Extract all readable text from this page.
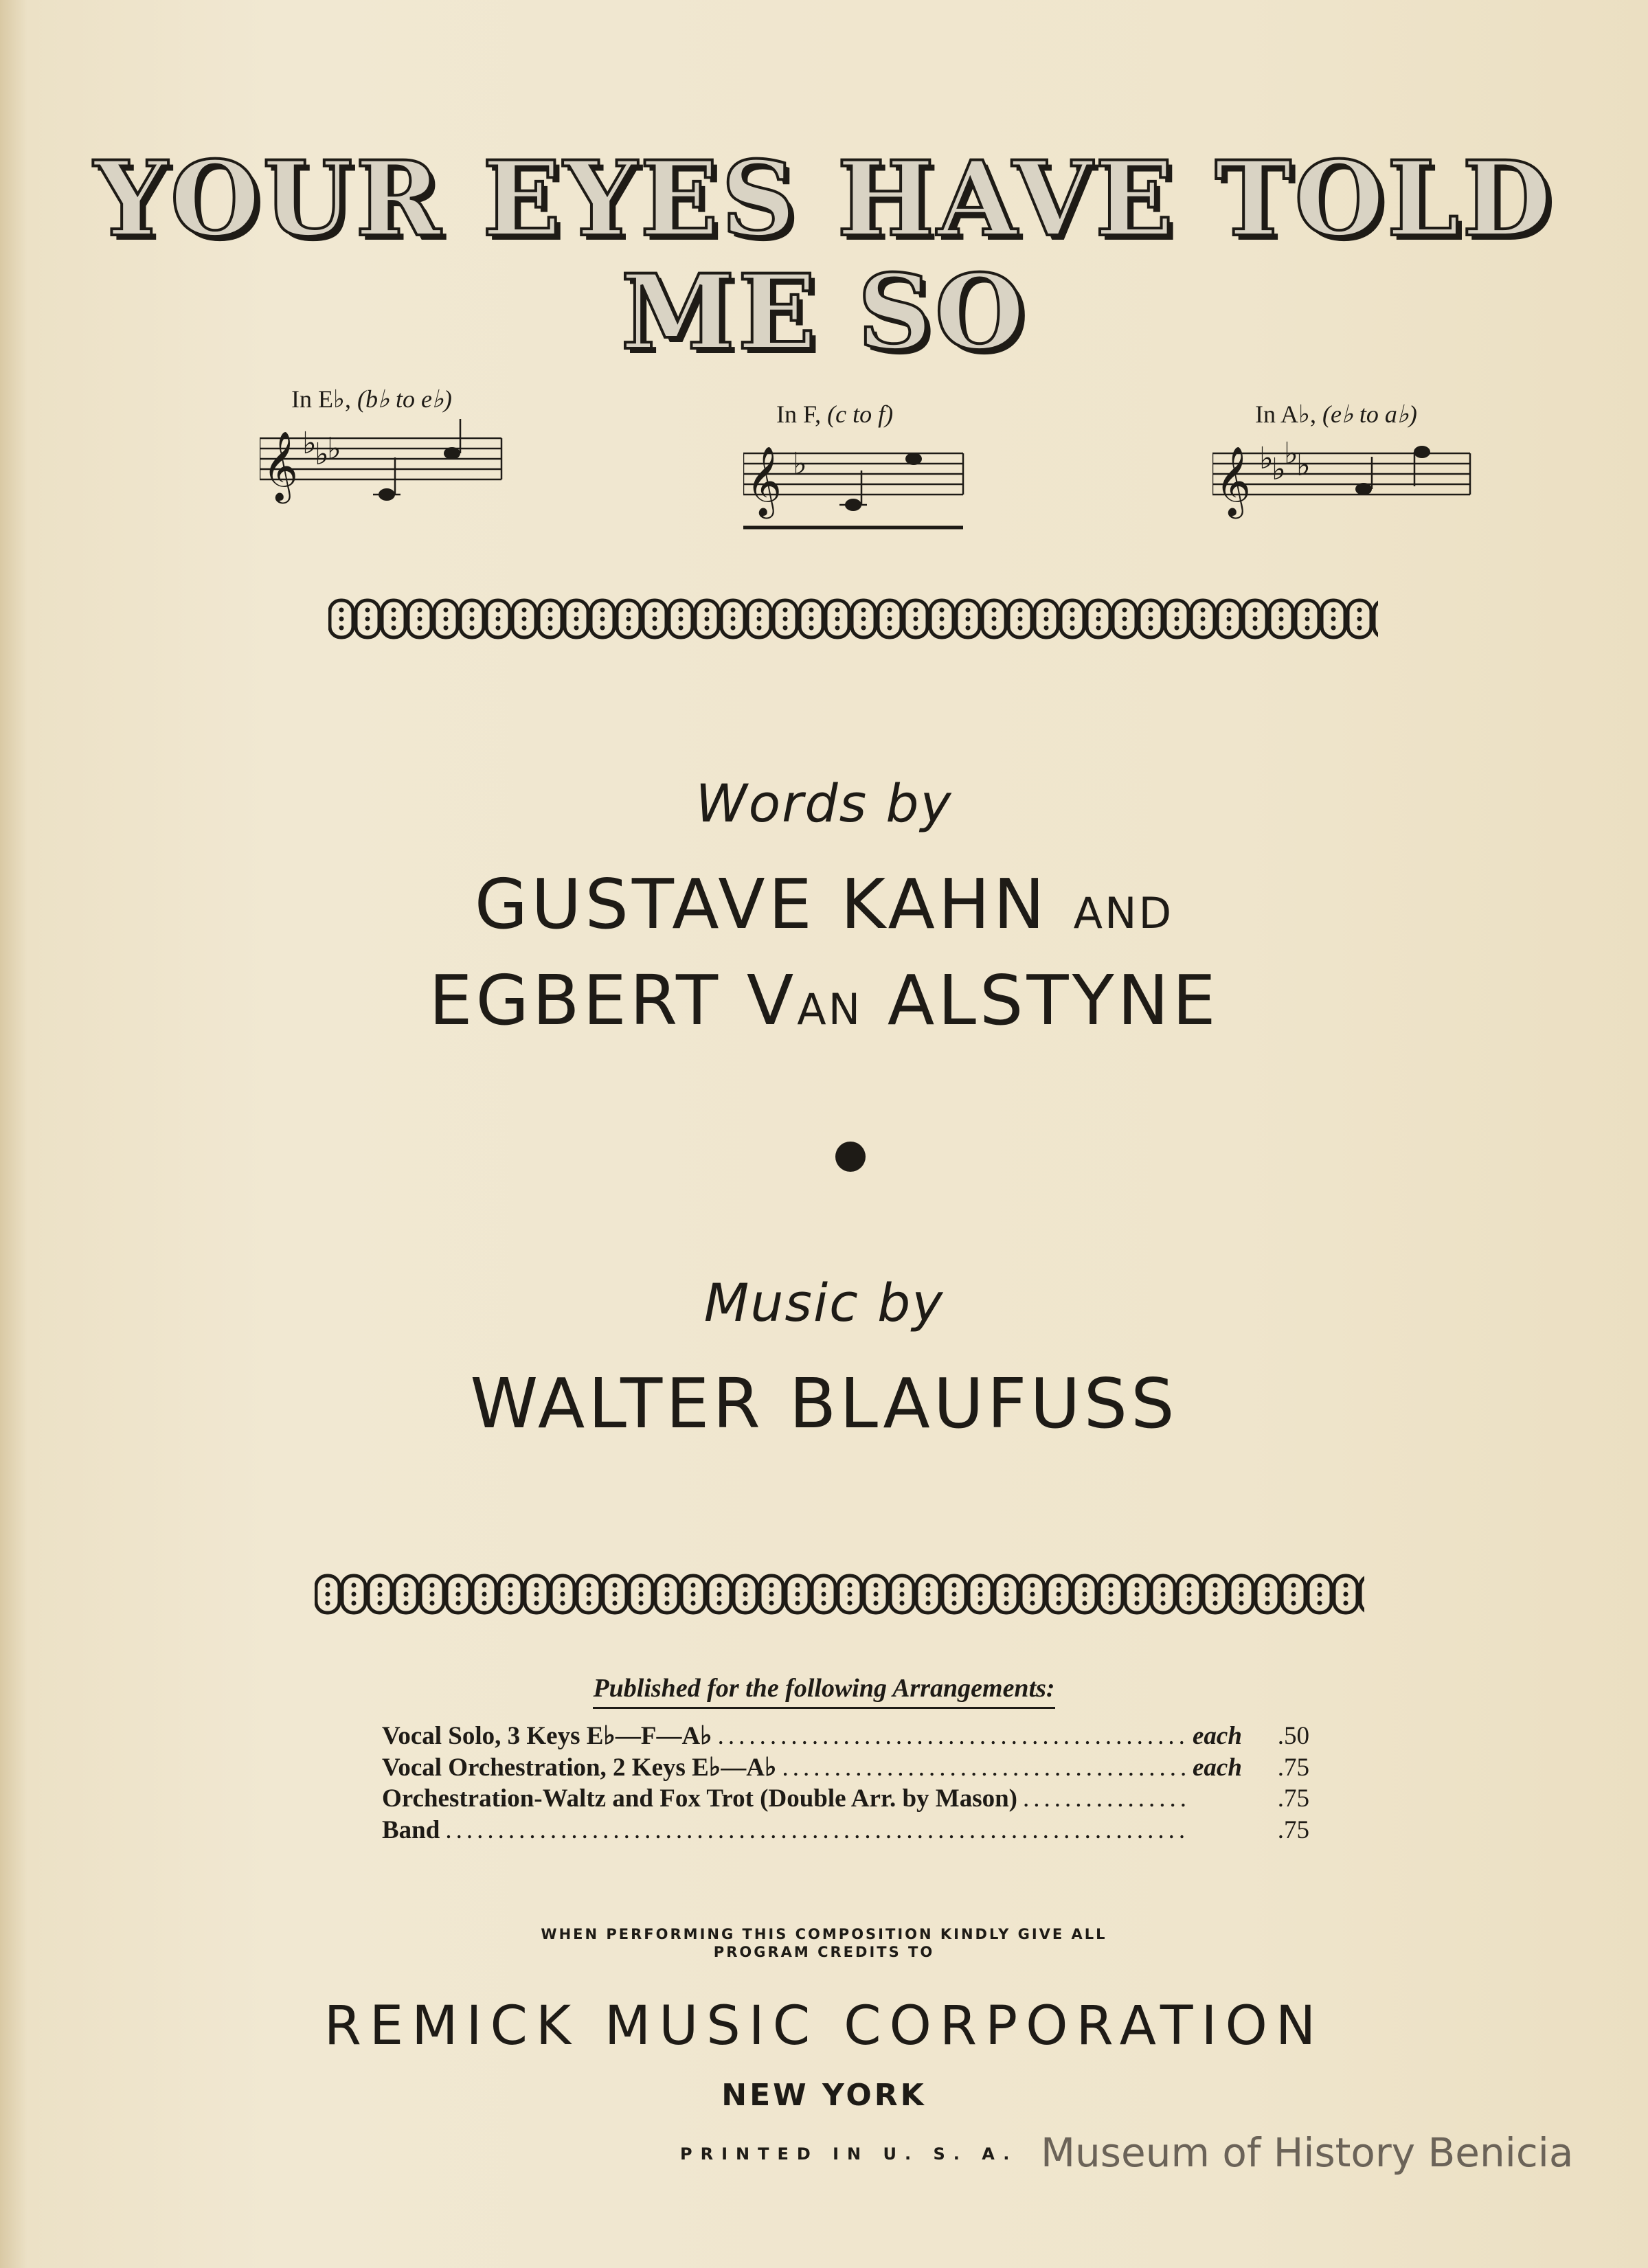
YOUR EYES HAVE TOLD
ME SO
In E♭, (b♭ to e♭)
𝄞 ♭
♭
♭
In F, (c to f)
𝄞 ♭
In A♭, (e♭ to a♭)
𝄞 ♭
♭
♭
♭
Words by
GUSTAVE KAHN AND
EGBERT VAN ALSTYNE
Music by
WALTER BLAUFUSS
Published for the following Arrangements:
Vocal Solo, 3 Keys E♭—F—A♭ .....	each	.50
Vocal Orchestration, 2 Keys E♭—A♭ .....	each	.75
Orchestration-Waltz and Fox Trot (Double Arr. by Mason) .....	.75
Band .....	.75
WHEN PERFORMING THIS COMPOSITION KINDLY GIVE ALL
PROGRAM CREDITS TO
REMICK MUSIC CORPORATION
NEW YORK
PRINTED IN U. S. A. Museum of History Benicia
